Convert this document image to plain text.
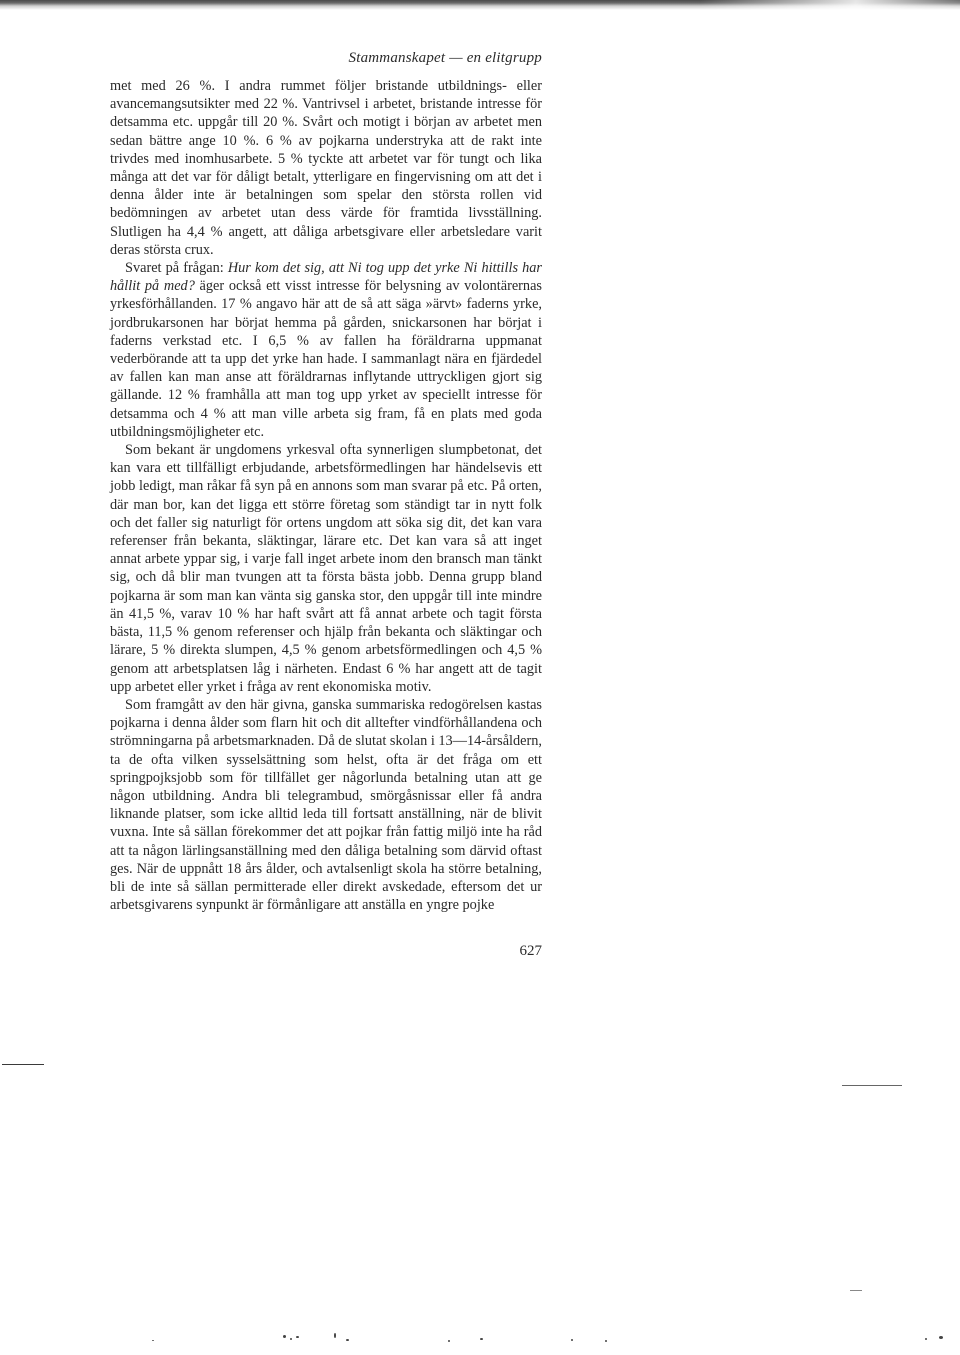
Stammanskapet — en elitgrupp

met med 26 %. I andra rummet följer bristande utbildnings- eller avancemangsutsikter med 22 %. Vantrivsel i arbetet, bristande intresse för detsamma etc. uppgår till 20 %. Svårt och motigt i början av arbetet men sedan bättre ange 10 %. 6 % av pojkarna understryka att de rakt inte trivdes med inomhusarbete. 5 % tyckte att arbetet var för tungt och lika många att det var för dåligt betalt, ytterligare en fingervisning om att det i denna ålder inte är betalningen som spelar den största rollen vid bedömningen av arbetet utan dess värde för framtida livsställning. Slutligen ha 4,4 % angett, att dåliga arbetsgivare eller arbetsledare varit deras största crux.

Svaret på frågan: Hur kom det sig, att Ni tog upp det yrke Ni hittills har hållit på med? äger också ett visst intresse för belysning av volontärernas yrkesförhållanden. 17 % angavo här att de så att säga »ärvt» faderns yrke, jordbrukarsonen har börjat hemma på gården, snickarsonen har börjat i faderns verkstad etc. I 6,5 % av fallen ha föräldrarna uppmanat vederbörande att ta upp det yrke han hade. I sammanlagt nära en fjärdedel av fallen kan man anse att föräldrarnas inflytande uttryckligen gjort sig gällande. 12 % framhålla att man tog upp yrket av speciellt intresse för detsamma och 4 % att man ville arbeta sig fram, få en plats med goda utbildningsmöjligheter etc.

Som bekant är ungdomens yrkesval ofta synnerligen slumpbetonat, det kan vara ett tillfälligt erbjudande, arbetsförmedlingen har händelsevis ett jobb ledigt, man råkar få syn på en annons som man svarar på etc. På orten, där man bor, kan det ligga ett större företag som ständigt tar in nytt folk och det faller sig naturligt för ortens ungdom att söka sig dit, det kan vara referenser från bekanta, släktingar, lärare etc. Det kan vara så att inget annat arbete yppar sig, i varje fall inget arbete inom den bransch man tänkt sig, och då blir man tvungen att ta första bästa jobb. Denna grupp bland pojkarna är som man kan vänta sig ganska stor, den uppgår till inte mindre än 41,5 %, varav 10 % har haft svårt att få annat arbete och tagit första bästa, 11,5 % genom referenser och hjälp från bekanta och släktingar och lärare, 5 % direkta slumpen, 4,5 % genom arbetsförmedlingen och 4,5 % genom att arbetsplatsen låg i närheten. Endast 6 % har angett att de tagit upp arbetet eller yrket i fråga av rent ekonomiska motiv.

Som framgått av den här givna, ganska summariska redogörelsen kastas pojkarna i denna ålder som flarn hit och dit alltefter vindförhållandena och strömningarna på arbetsmarknaden. Då de slutat skolan i 13—14-årsåldern, ta de ofta vilken sysselsättning som helst, ofta är det fråga om ett springpojksjobb som för tillfället ger någorlunda betalning utan att ge någon utbildning. Andra bli telegrambud, smörgåsnissar eller få andra liknande platser, som icke alltid leda till fortsatt anställning, när de blivit vuxna. Inte så sällan förekommer det att pojkar från fattig miljö inte ha råd att ta någon lärlingsanställning med den dåliga betalning som därvid oftast ges. När de uppnått 18 års ålder, och avtalsenligt skola ha större betalning, bli de inte så sällan permitterade eller direkt avskedade, eftersom det ur arbetsgivarens synpunkt är förmånligare att anställa en yngre pojke

627
